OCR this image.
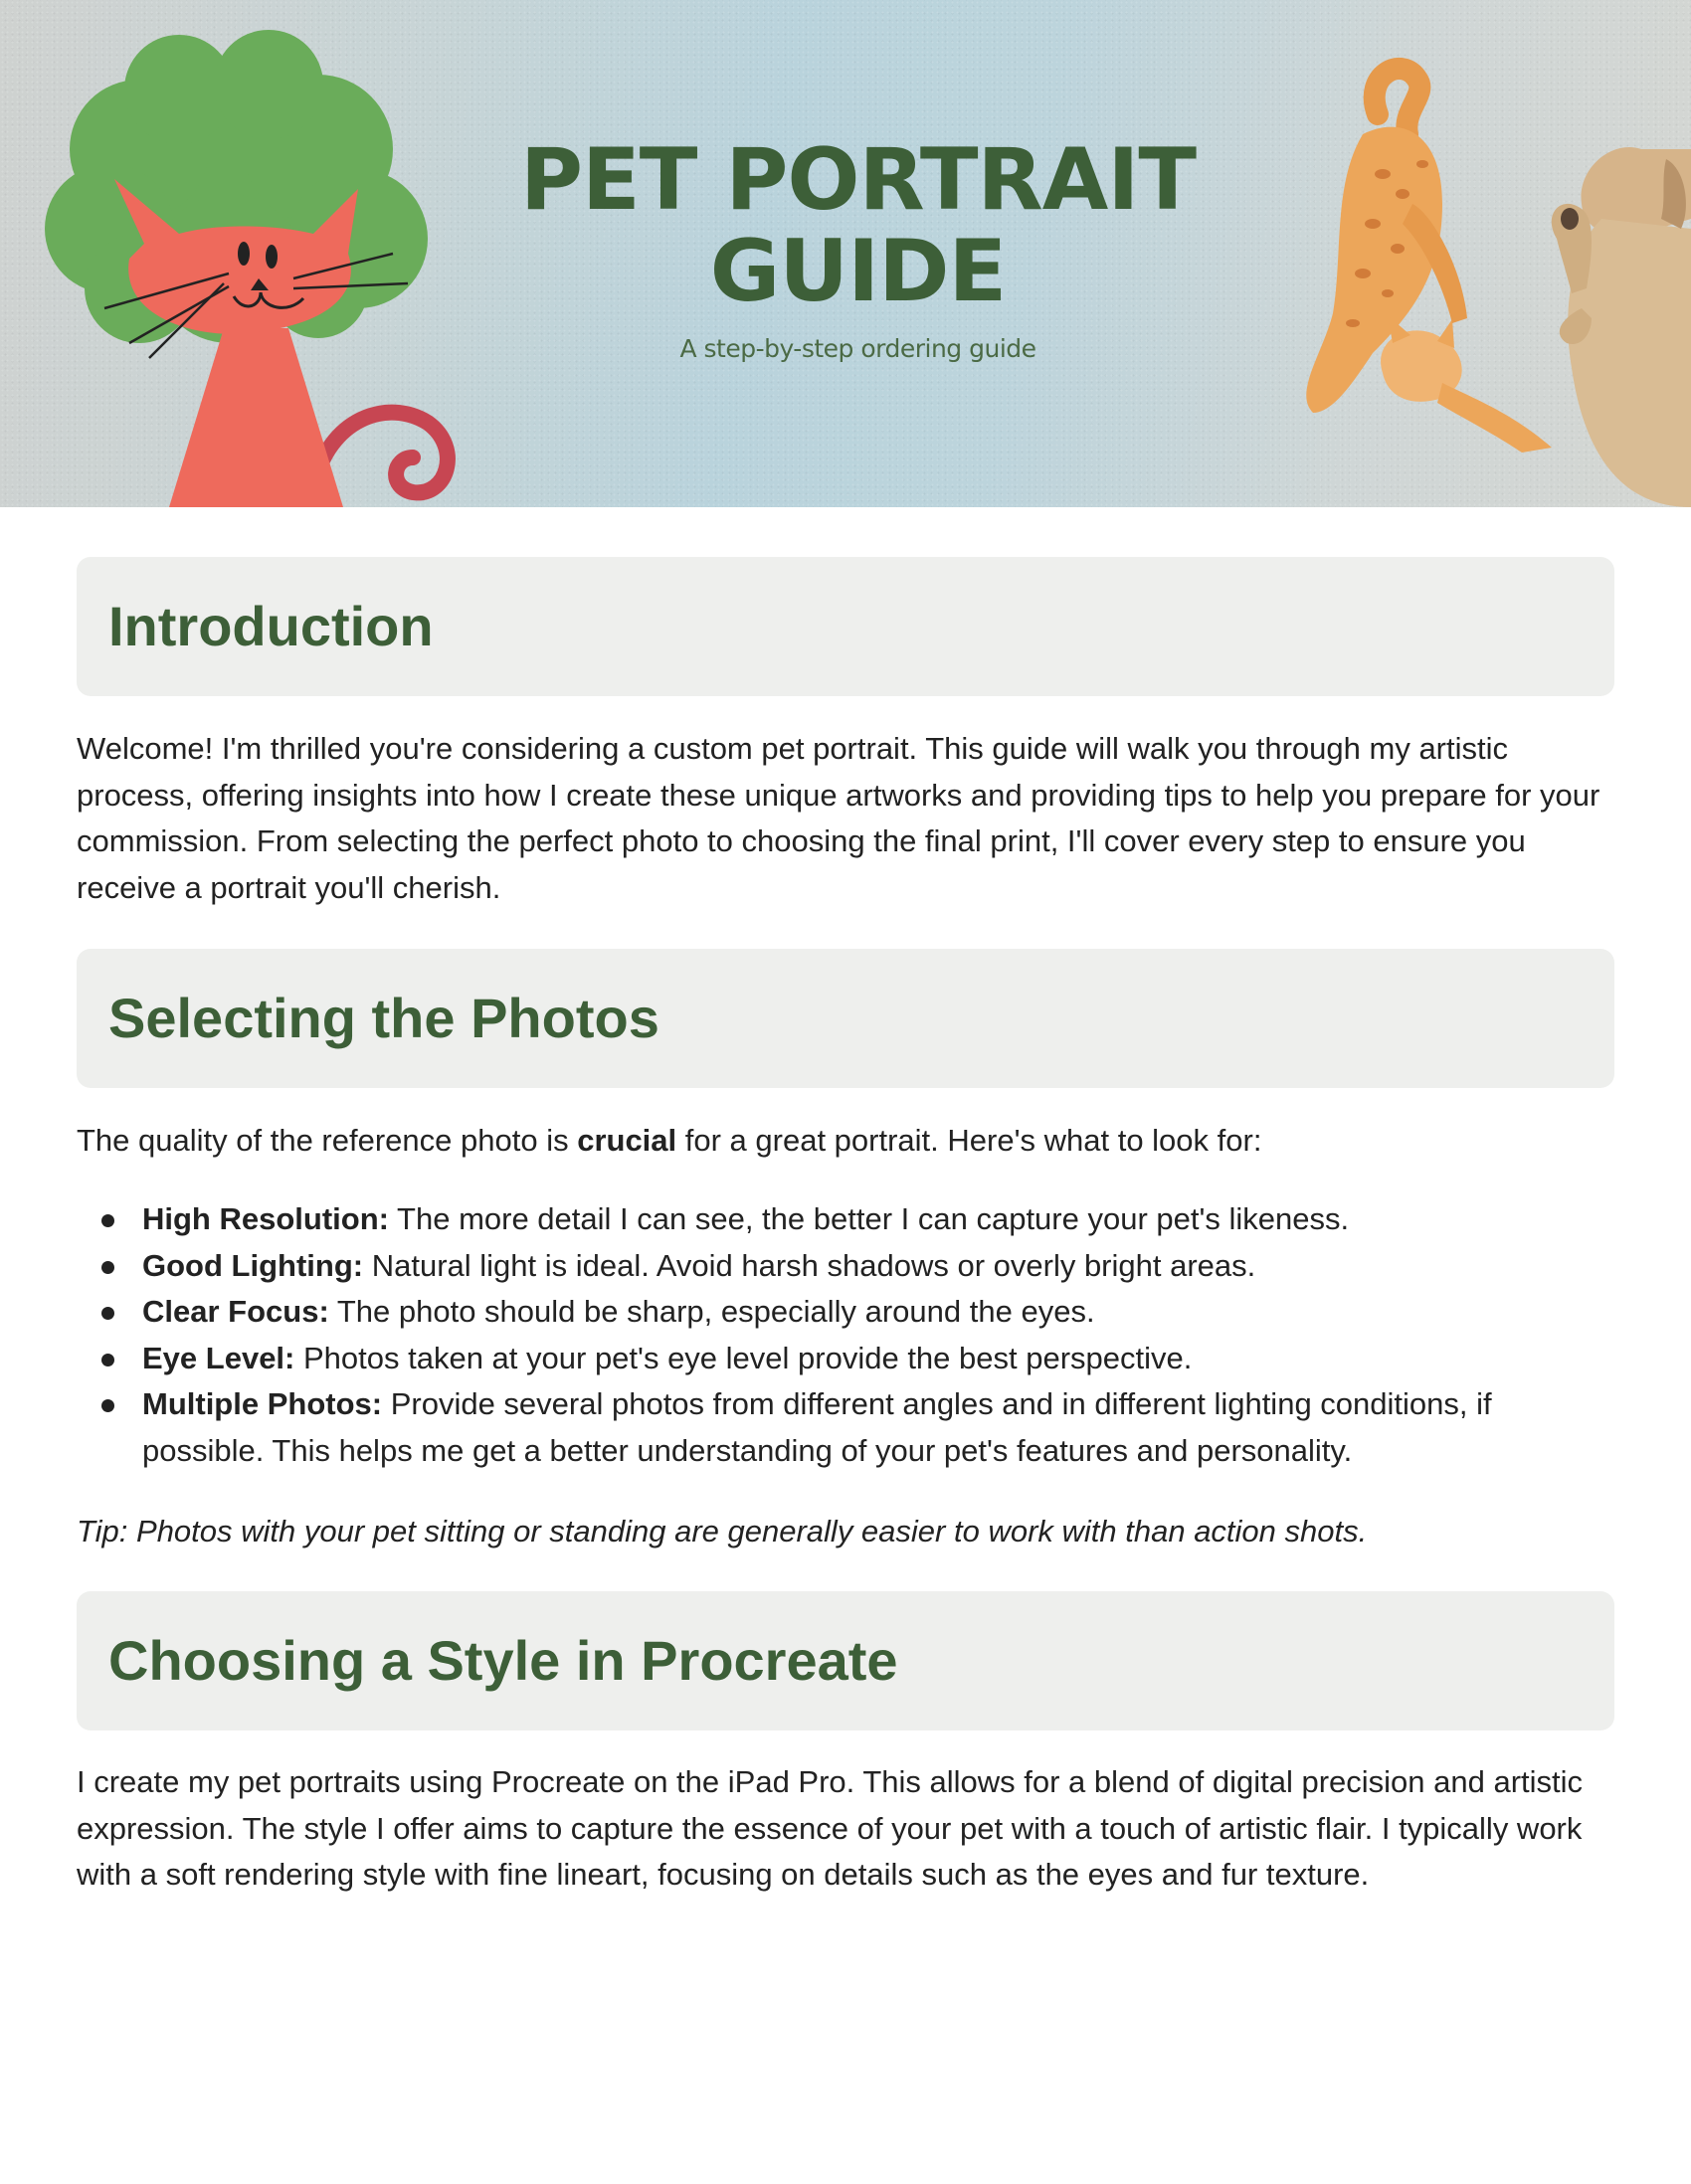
PET PORTRAIT
GUIDE

A step-by-step ordering guide

Introduction

Welcome! I'm thrilled you're considering a custom pet portrait. This guide will walk you through my artistic process, offering insights into how I create these unique artworks and providing tips to help you prepare for your commission. From selecting the perfect photo to choosing the final print, I'll cover every step to ensure you receive a portrait you'll cherish.

Selecting the Photos

The quality of the reference photo is crucial for a great portrait. Here's what to look for:

High Resolution: The more detail I can see, the better I can capture your pet's likeness.
Good Lighting: Natural light is ideal. Avoid harsh shadows or overly bright areas.
Clear Focus: The photo should be sharp, especially around the eyes.
Eye Level: Photos taken at your pet's eye level provide the best perspective.
Multiple Photos: Provide several photos from different angles and in different lighting conditions, if possible. This helps me get a better understanding of your pet's features and personality.

Tip: Photos with your pet sitting or standing are generally easier to work with than action shots.

Choosing a Style in Procreate

I create my pet portraits using Procreate on the iPad Pro. This allows for a blend of digital precision and artistic expression. The style I offer aims to capture the essence of your pet with a touch of artistic flair. I typically work with a soft rendering style with fine lineart, focusing on details such as the eyes and fur texture.
